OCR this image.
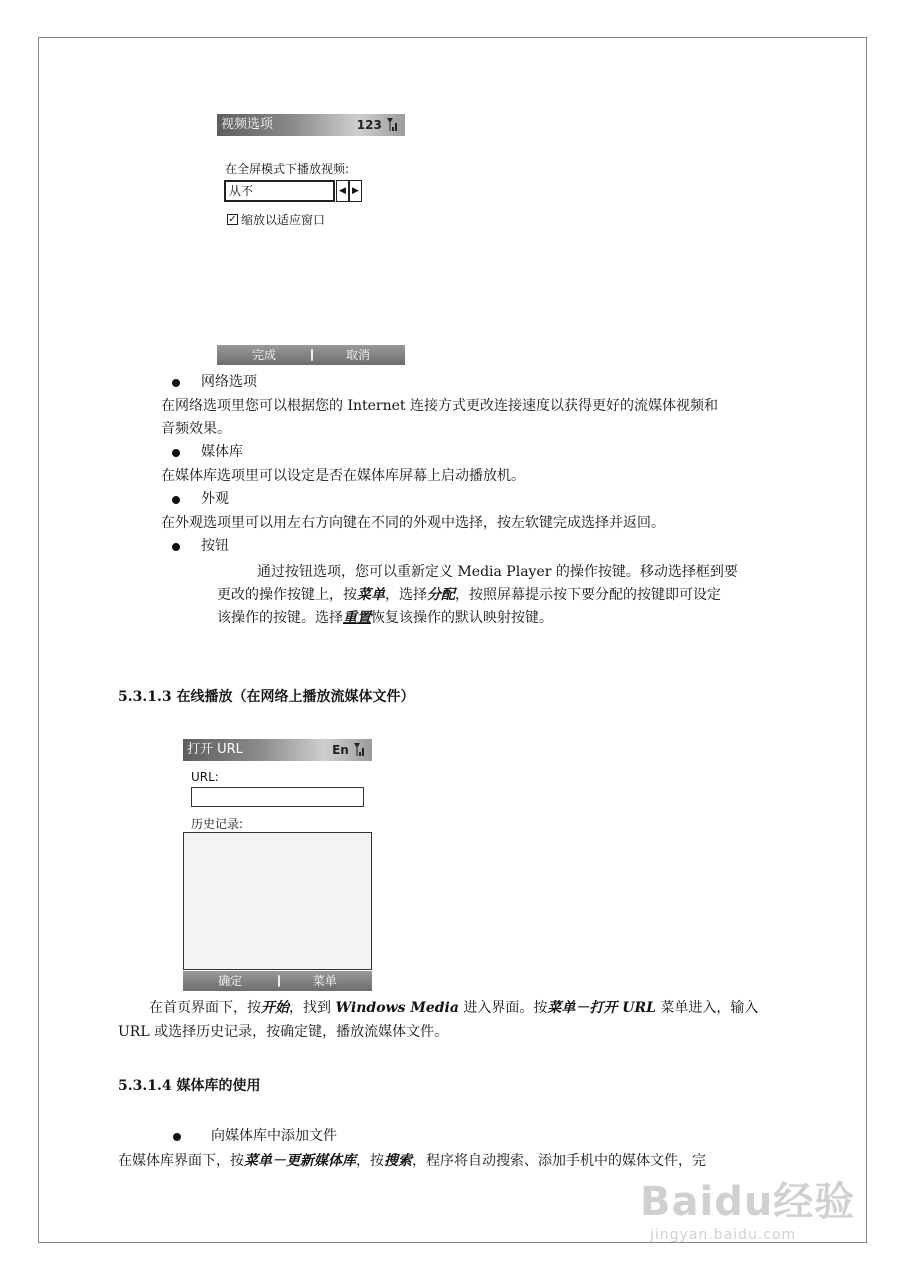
视频选项	123
在全屏模式下播放视频:
从不	◀ ▶
✓ 缩放以适应窗口
完成	取消
网络选项
在网络选项里您可以根据您的 Internet 连接方式更改连接速度以获得更好的流媒体视频和
音频效果。
媒体库
在媒体库选项里可以设定是否在媒体库屏幕上启动播放机。
外观
在外观选项里可以用左右方向键在不同的外观中选择，按左软键完成选择并返回。
按钮
通过按钮选项，您可以重新定义 Media Player 的操作按键。移动选择框到要
更改的操作按键上，按菜单，选择分配，按照屏幕提示按下要分配的按键即可设定
该操作的按键。选择重置恢复该操作的默认映射按键。
5.3.1.3 在线播放（在网络上播放流媒体文件）
打开 URL	En
URL:
历史记录:
确定	菜单
在首页界面下，按开始，找到 Windows Media 进入界面。按菜单－打开 URL 菜单进入，输入
URL 或选择历史记录，按确定键，播放流媒体文件。
5.3.1.4 媒体库的使用
向媒体库中添加文件
在媒体库界面下，按菜单－更新媒体库，按搜索，程序将自动搜索、添加手机中的媒体文件，完
Baidu经验
jingyan.baidu.com
